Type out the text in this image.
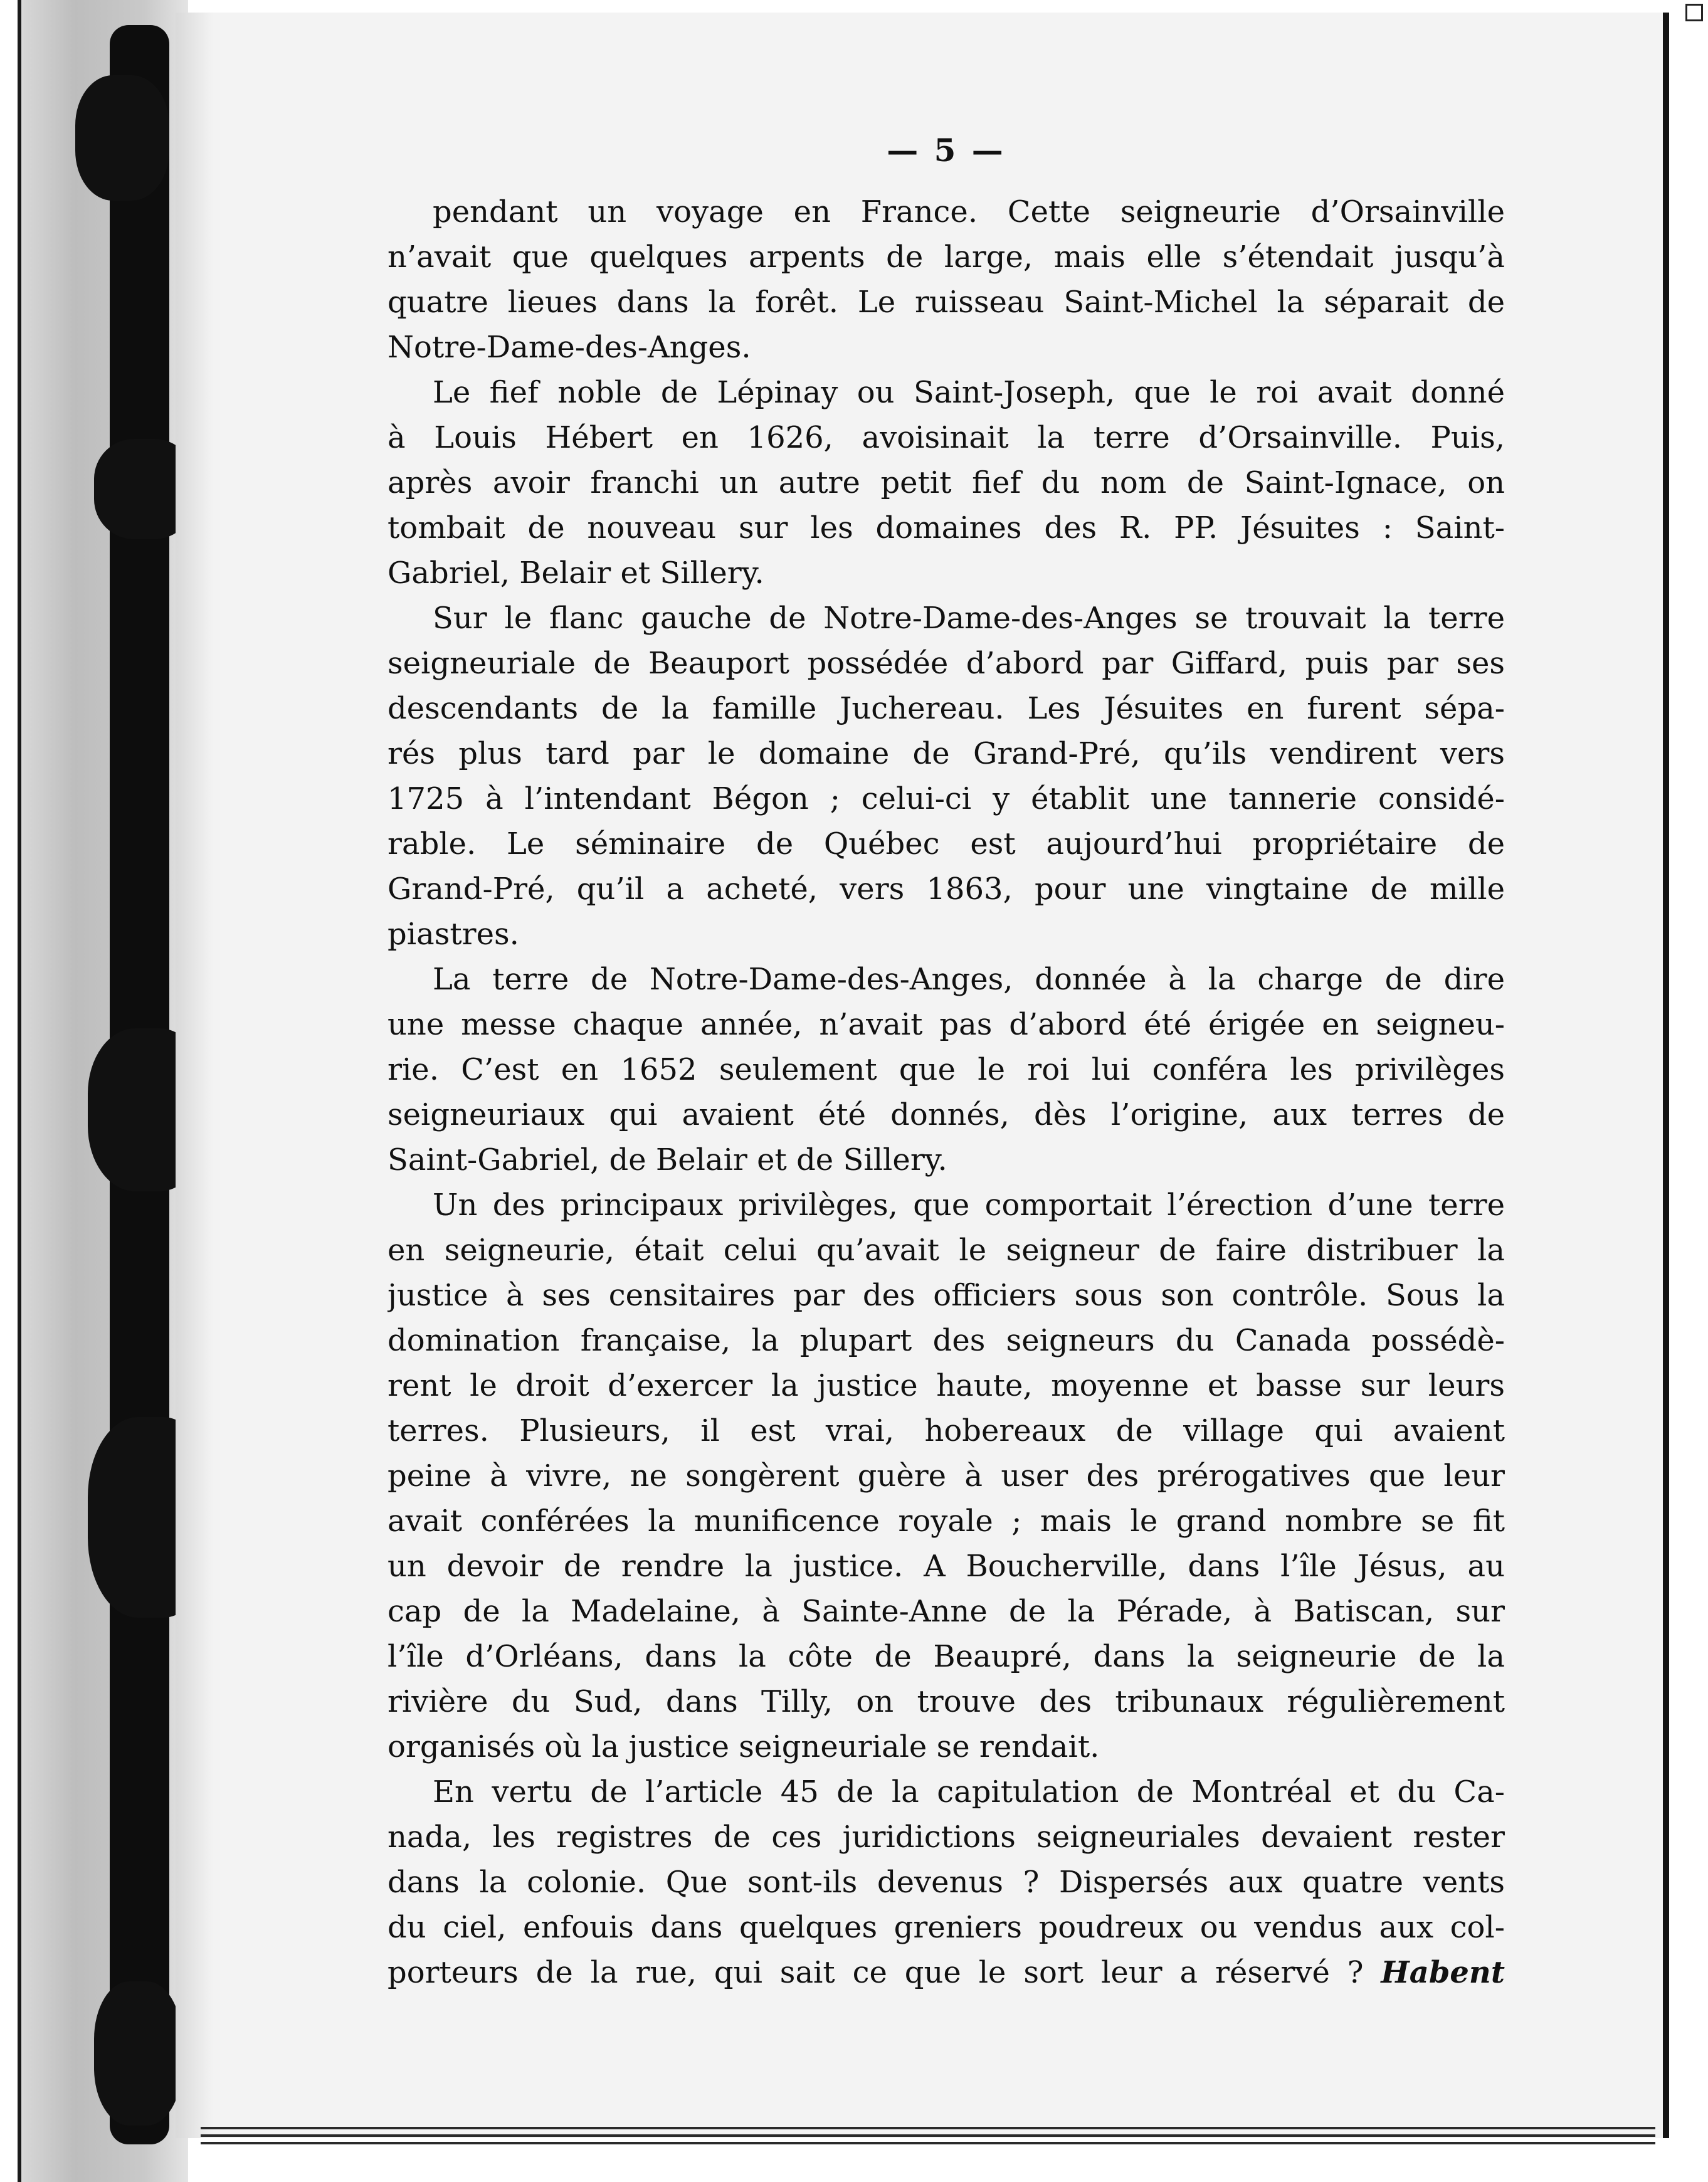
— 5 —
pendant un voyage en France. Cette seigneurie d’Orsainville
n’avait que quelques arpents de large, mais elle s’étendait jusqu’à
quatre lieues dans la forêt. Le ruisseau Saint-Michel la séparait de
Notre-Dame-des-Anges.
Le fief noble de Lépinay ou Saint-Joseph, que le roi avait donné
à Louis Hébert en 1626, avoisinait la terre d’Orsainville. Puis,
après avoir franchi un autre petit fief du nom de Saint-Ignace, on
tombait de nouveau sur les domaines des R. PP. Jésuites : Saint-
Gabriel, Belair et Sillery.
Sur le flanc gauche de Notre-Dame-des-Anges se trouvait la terre
seigneuriale de Beauport possédée d’abord par Giffard, puis par ses
descendants de la famille Juchereau. Les Jésuites en furent sépa-
rés plus tard par le domaine de Grand-Pré, qu’ils vendirent vers
1725 à l’intendant Bégon ; celui-ci y établit une tannerie considé-
rable. Le séminaire de Québec est aujourd’hui propriétaire de
Grand-Pré, qu’il a acheté, vers 1863, pour une vingtaine de mille
piastres.
La terre de Notre-Dame-des-Anges, donnée à la charge de dire
une messe chaque année, n’avait pas d’abord été érigée en seigneu-
rie. C’est en 1652 seulement que le roi lui conféra les privilèges
seigneuriaux qui avaient été donnés, dès l’origine, aux terres de
Saint-Gabriel, de Belair et de Sillery.
Un des principaux privilèges, que comportait l’érection d’une terre
en seigneurie, était celui qu’avait le seigneur de faire distribuer la
justice à ses censitaires par des officiers sous son contrôle. Sous la
domination française, la plupart des seigneurs du Canada possédè-
rent le droit d’exercer la justice haute, moyenne et basse sur leurs
terres. Plusieurs, il est vrai, hobereaux de village qui avaient
peine à vivre, ne songèrent guère à user des prérogatives que leur
avait conférées la munificence royale ; mais le grand nombre se fit
un devoir de rendre la justice. A Boucherville, dans l’île Jésus, au
cap de la Madelaine, à Sainte-Anne de la Pérade, à Batiscan, sur
l’île d’Orléans, dans la côte de Beaupré, dans la seigneurie de la
rivière du Sud, dans Tilly, on trouve des tribunaux régulièrement
organisés où la justice seigneuriale se rendait.
En vertu de l’article 45 de la capitulation de Montréal et du Ca-
nada, les registres de ces juridictions seigneuriales devaient rester
dans la colonie. Que sont-ils devenus ? Dispersés aux quatre vents
du ciel, enfouis dans quelques greniers poudreux ou vendus aux col-
porteurs de la rue, qui sait ce que le sort leur a réservé ? Habent
